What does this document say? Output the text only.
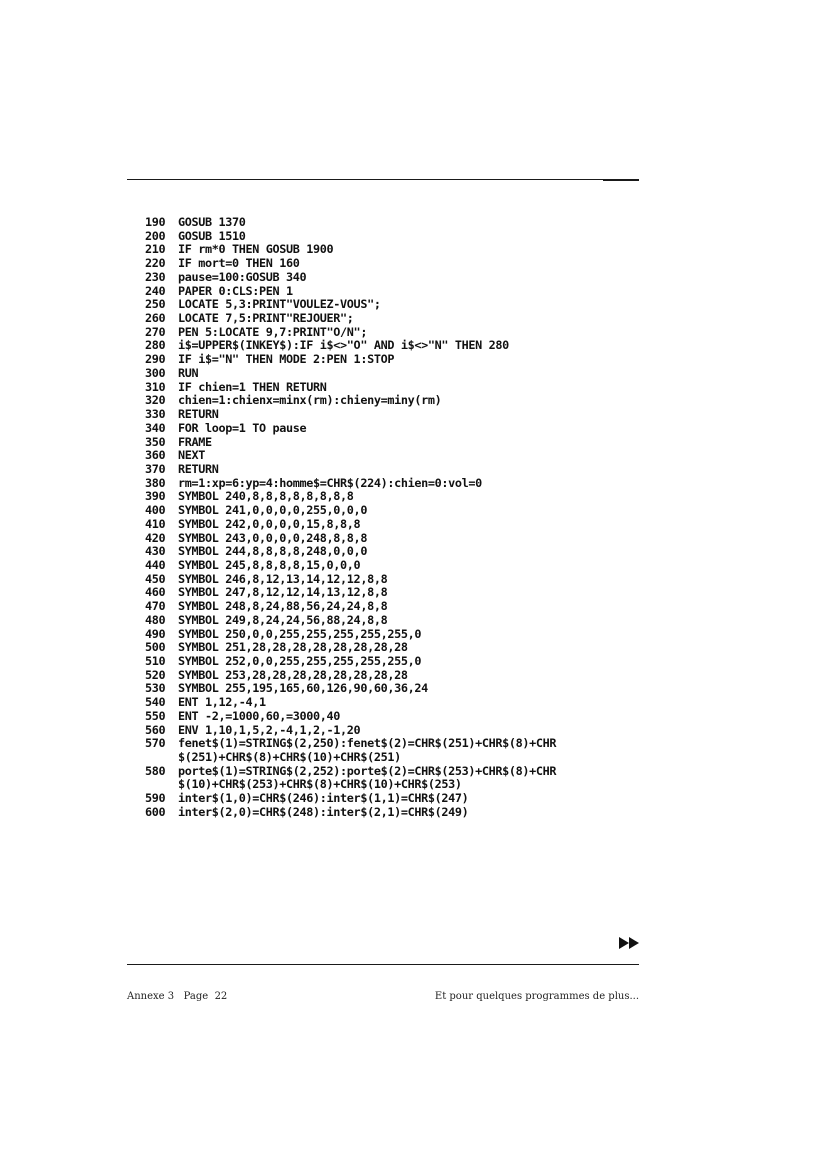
190 GOSUB 1370
200 GOSUB 1510
210 IF rm*0 THEN GOSUB 1900
220 IF mort=0 THEN 160
230 pause=100:GOSUB 340
240 PAPER 0:CLS:PEN 1
250 LOCATE 5,3:PRINT"VOULEZ-VOUS";
260 LOCATE 7,5:PRINT"REJOUER";
270 PEN 5:LOCATE 9,7:PRINT"O/N";
280 i$=UPPER$(INKEY$):IF i$<>"O" AND i$<>"N" THEN 280
290 IF i$="N" THEN MODE 2:PEN 1:STOP
300 RUN
310 IF chien=1 THEN RETURN
320 chien=1:chienx=minx(rm):chieny=miny(rm)
330 RETURN
340 FOR loop=1 TO pause
350 FRAME
360 NEXT
370 RETURN
380 rm=1:xp=6:yp=4:homme$=CHR$(224):chien=0:vol=0
390 SYMBOL 240,8,8,8,8,8,8,8,8
400 SYMBOL 241,0,0,0,0,255,0,0,0
410 SYMBOL 242,0,0,0,0,15,8,8,8
420 SYMBOL 243,0,0,0,0,248,8,8,8
430 SYMBOL 244,8,8,8,8,248,0,0,0
440 SYMBOL 245,8,8,8,8,15,0,0,0
450 SYMBOL 246,8,12,13,14,12,12,8,8
460 SYMBOL 247,8,12,12,14,13,12,8,8
470 SYMBOL 248,8,24,88,56,24,24,8,8
480 SYMBOL 249,8,24,24,56,88,24,8,8
490 SYMBOL 250,0,0,255,255,255,255,255,0
500 SYMBOL 251,28,28,28,28,28,28,28,28
510 SYMBOL 252,0,0,255,255,255,255,255,0
520 SYMBOL 253,28,28,28,28,28,28,28,28
530 SYMBOL 255,195,165,60,126,90,60,36,24
540 ENT 1,12,-4,1
550 ENT -2,=1000,60,=3000,40
560 ENV 1,10,1,5,2,-4,1,2,-1,20
570 fenet$(1)=STRING$(2,250):fenet$(2)=CHR$(251)+CHR$(8)+CHR
$(251)+CHR$(8)+CHR$(10)+CHR$(251)
580 porte$(1)=STRING$(2,252):porte$(2)=CHR$(253)+CHR$(8)+CHR
$(10)+CHR$(253)+CHR$(8)+CHR$(10)+CHR$(253)
590 inter$(1,0)=CHR$(246):inter$(1,1)=CHR$(247)
600 inter$(2,0)=CHR$(248):inter$(2,1)=CHR$(249)
Annexe 3   Page  22	Et pour quelques programmes de plus...
